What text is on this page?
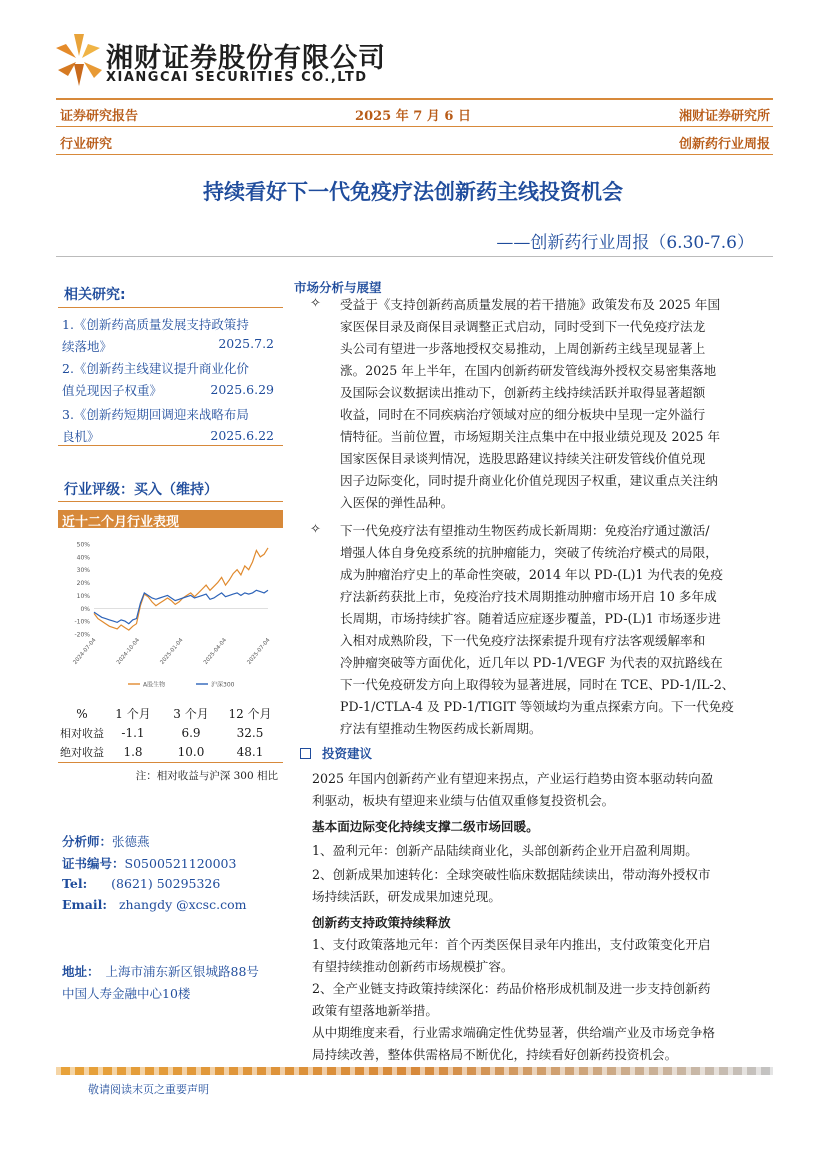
湘财证券股份有限公司
XIANGCAI SECURITIES CO.,LTD
证券研究报告	2025 年 7 月 6 日	湘财证券研究所
行业研究	创新药行业周报
持续看好下一代免疫疗法创新药主线投资机会
——创新药行业周报（6.30-7.6）
相关研究:
1.《创新药高质量发展支持政策持
续落地》	2025.7.2
2.《创新药主线建议提升商业化价
值兑现因子权重》	2025.6.29
3.《创新药短期回调迎来战略布局
良机》	2025.6.22
行业评级：买入（维持）
近十二个月行业表现
50%
40%
30%
20%
10%
0%
-10%
-20%
2024-07-04	2024-10-04	2025-01-04	2025-04-04	2025-07-04
A股生物	沪深300
%	1 个月	3 个月	12 个月
相对收益	-1.1	6.9	32.5
绝对收益	1.8	10.0	48.1
注：相对收益与沪深 300 相比
分析师：张德燕
证书编号：S0500521120003
Tel: (8621) 50295326
Email: zhangdy @xcsc.com
地址： 上海市浦东新区银城路88号
中国人寿金融中心10楼
市场分析与展望
✧ 受益于《支持创新药高质量发展的若干措施》政策发布及 2025 年国
家医保目录及商保目录调整正式启动，同时受到下一代免疫疗法龙
头公司有望进一步落地授权交易推动，上周创新药主线呈现显著上
涨。2025 年上半年，在国内创新药研发管线海外授权交易密集落地
及国际会议数据读出推动下，创新药主线持续活跃并取得显著超额
收益，同时在不同疾病治疗领域对应的细分板块中呈现一定外溢行
情特征。当前位置，市场短期关注点集中在中报业绩兑现及 2025 年
国家医保目录谈判情况，选股思路建议持续关注研发管线价值兑现
因子边际变化，同时提升商业化价值兑现因子权重，建议重点关注纳
入医保的弹性品种。
✧ 下一代免疫疗法有望推动生物医药成长新周期：免疫治疗通过激活/
增强人体自身免疫系统的抗肿瘤能力，突破了传统治疗模式的局限，
成为肿瘤治疗史上的革命性突破，2014 年以 PD-(L)1 为代表的免疫
疗法新药获批上市，免疫治疗技术周期推动肿瘤市场开启 10 多年成
长周期，市场持续扩容。随着适应症逐步覆盖，PD-(L)1 市场逐步进
入相对成熟阶段，下一代免疫疗法探索提升现有疗法客观缓解率和
冷肿瘤突破等方面优化，近几年以 PD-1/VEGF 为代表的双抗路线在
下一代免疫研发方向上取得较为显著进展，同时在 TCE、PD-1/IL-2、
PD-1/CTLA-4 及 PD-1/TIGIT 等领域均为重点探索方向。下一代免疫
疗法有望推动生物医药成长新周期。
投资建议
2025 年国内创新药产业有望迎来拐点，产业运行趋势由资本驱动转向盈
利驱动，板块有望迎来业绩与估值双重修复投资机会。
基本面边际变化持续支撑二级市场回暖。
1、盈利元年：创新产品陆续商业化，头部创新药企业开启盈利周期。
2、创新成果加速转化：全球突破性临床数据陆续读出，带动海外授权市
场持续活跃，研发成果加速兑现。
创新药支持政策持续释放
1、支付政策落地元年：首个丙类医保目录年内推出，支付政策变化开启
有望持续推动创新药市场规模扩容。
2、全产业链支持政策持续深化：药品价格形成机制及进一步支持创新药
政策有望落地新举措。
从中期维度来看，行业需求端确定性优势显著，供给端产业及市场竞争格
局持续改善，整体供需格局不断优化，持续看好创新药投资机会。
敬请阅读末页之重要声明
